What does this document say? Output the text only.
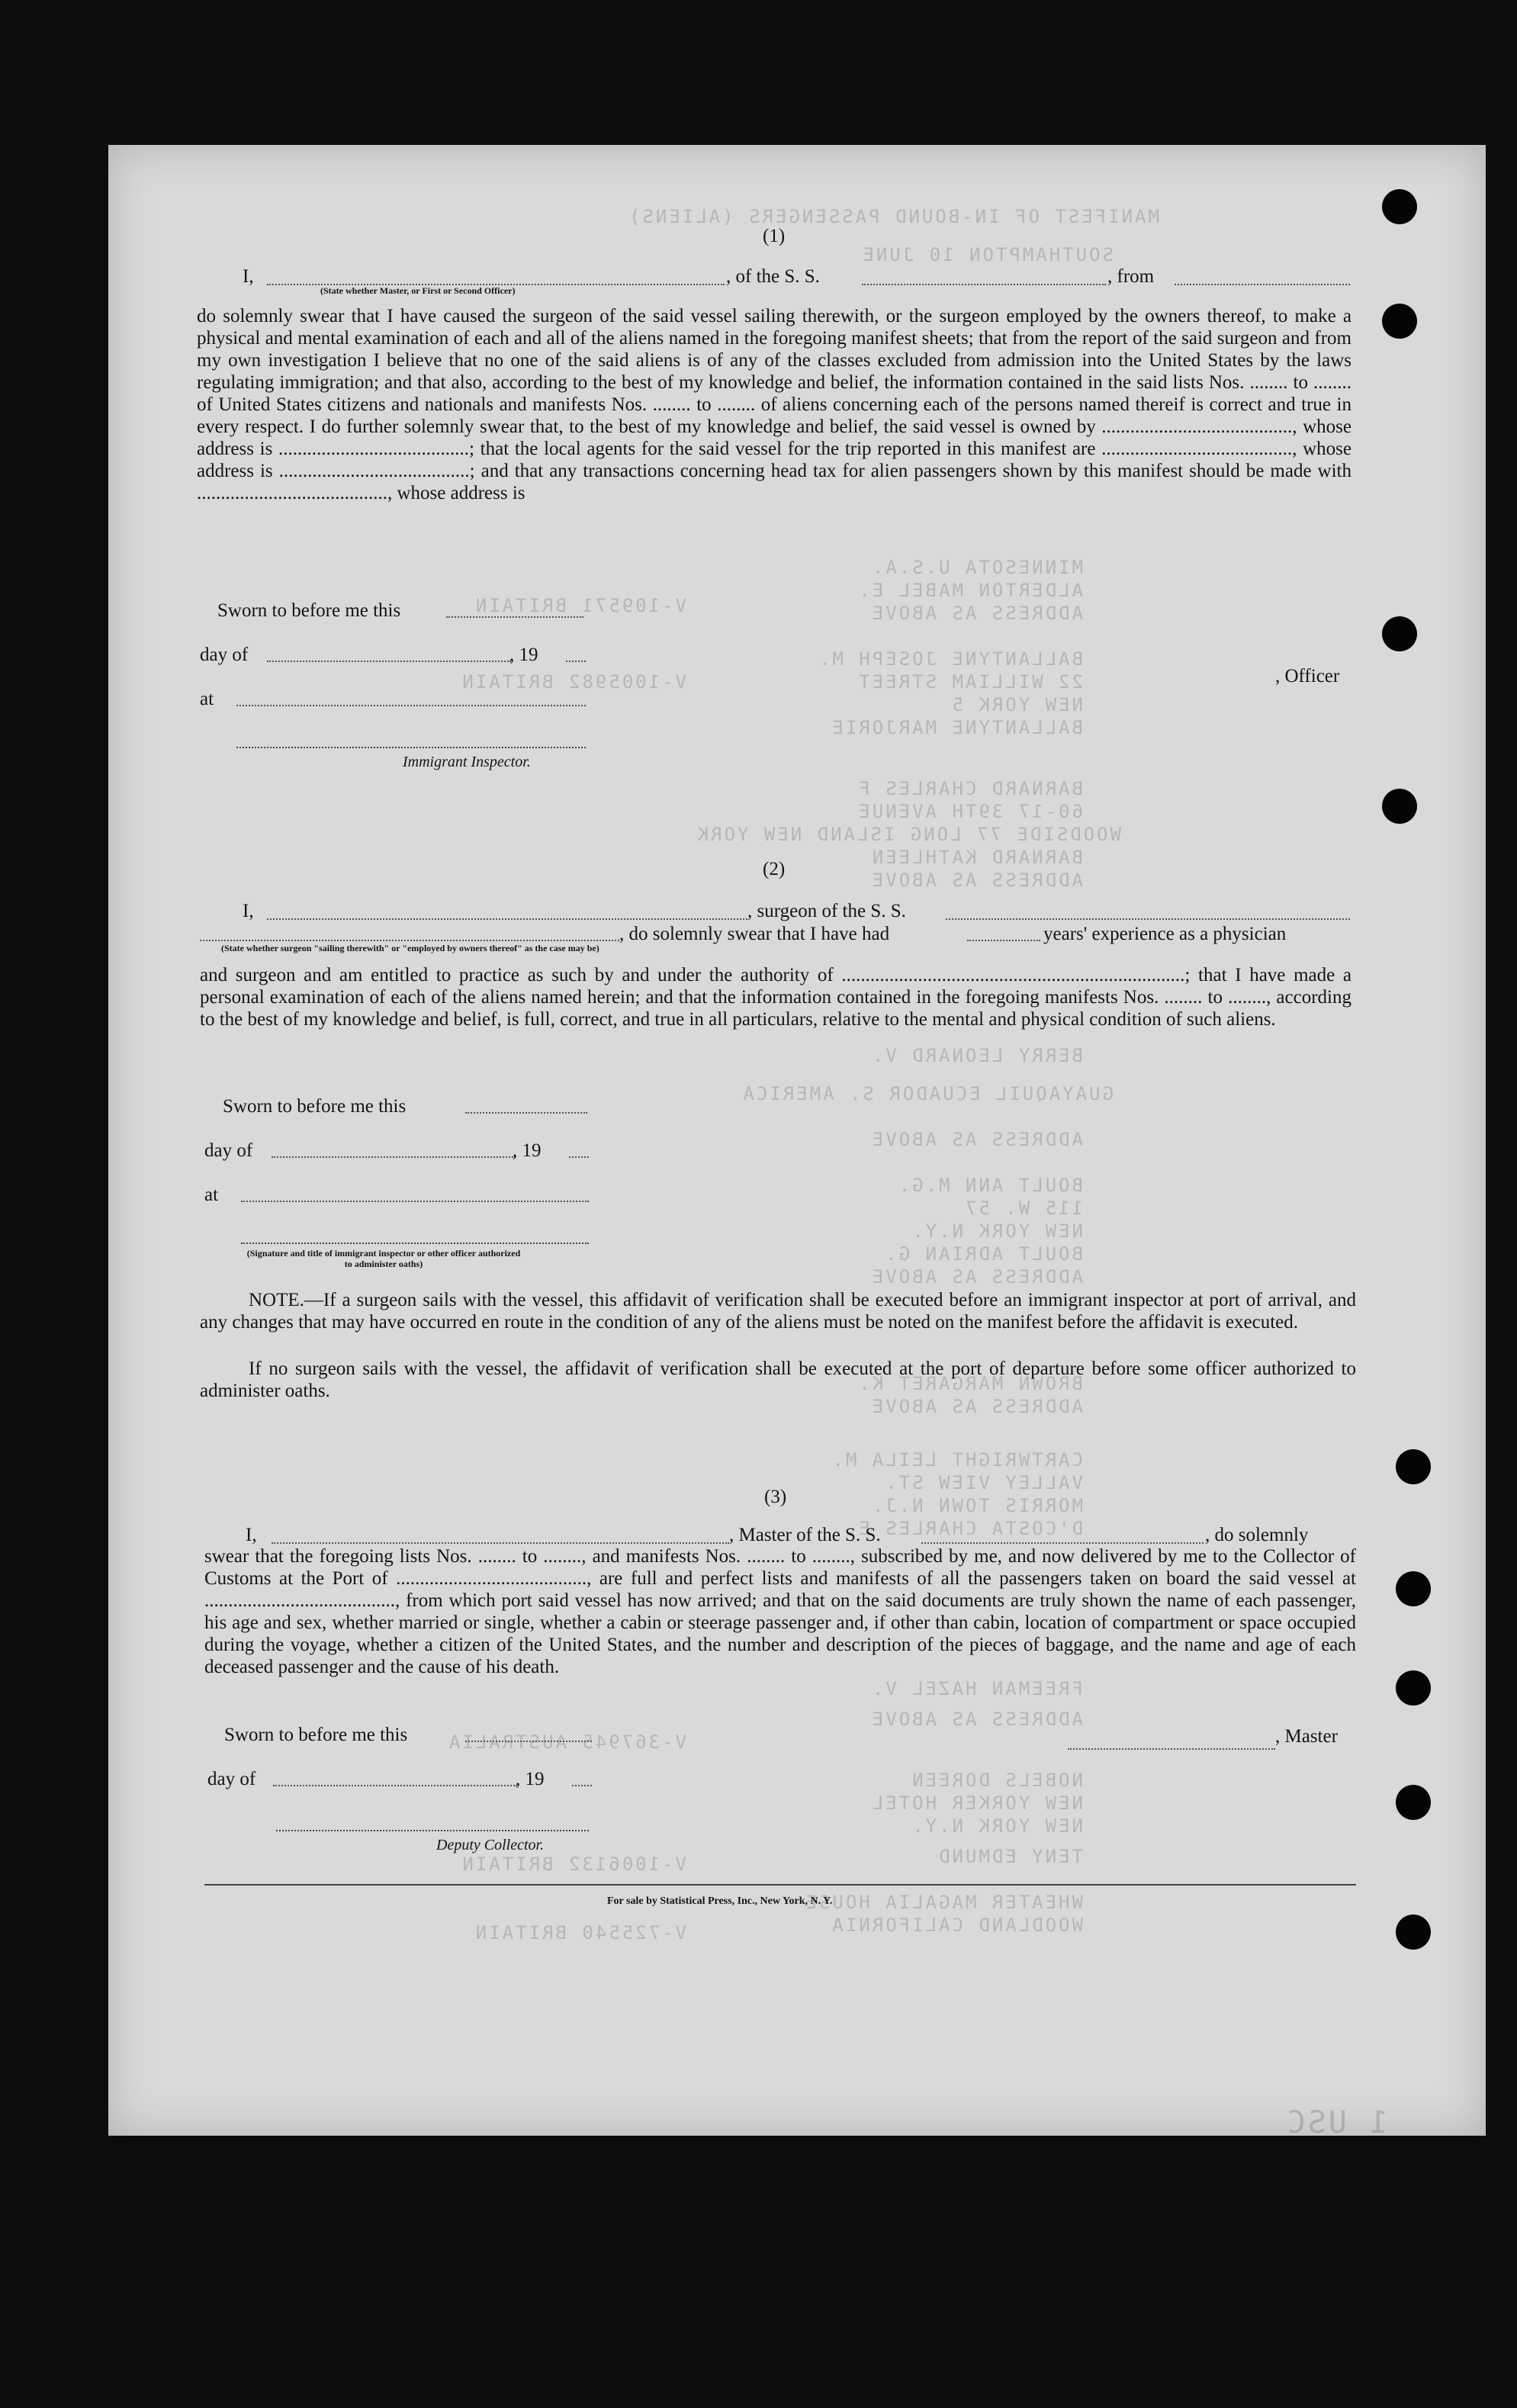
MANIFEST OF IN-BOUND PASSENGERS (ALIENS)
SOUTHAMPTON 10 JUNE
MINNESOTA U.S.A.
ALDERTON MABEL E.
ADDRESS AS ABOVE
V-109571 BRITAIN
BALLANTYNE JOSEPH M.
22 WILLIAM STREET
NEW YORK 5
BALLANTYNE MARJORIE
V-1005982 BRITAIN
BARNARD CHARLES F
60-17 39TH AVENUE
WOODSIDE 77 LONG ISLAND NEW YORK
BARNARD KATHLEEN
ADDRESS AS ABOVE
BERRY LEONARD V.
GUAYAQUIL ECUADOR S. AMERICA
ADDRESS AS ABOVE
BOULT ANN M.G.
115 W. 57
NEW YORK N.Y.
BOULT ADRIAN G.
ADDRESS AS ABOVE
BROWN MARGARET K.
ADDRESS AS ABOVE
CARTWRIGHT LEILA M.
VALLEY VIEW ST.
MORRIS TOWN N.J.
D'COSTA CHARLES E.
FREEMAN HAZEL V.
ADDRESS AS ABOVE
NOBELS DOREEN
NEW YORKER HOTEL
NEW YORK N.Y.
TENY EDMUND
WHEATER MAGALIA HOUSE
WOODLAND CALIFORNIA
V-367945 AUSTRALIA
V-1006132 BRITAIN
V-725540 BRITAIN
1 USC
(1)
I,	, of the S. S.	, from
(State whether Master, or First or Second Officer)
do solemnly swear that I have caused the surgeon of the said vessel sailing therewith, or the surgeon employed by the owners thereof, to make a physical and mental examination of each and all of the aliens named in the foregoing manifest sheets; that from the report of the said surgeon and from my own investigation I believe that no one of the said aliens is of any of the classes excluded from admission into the United States by the laws regulating immigration; and that also, according to the best of my knowledge and belief, the information contained in the said lists Nos. ........ to ........ of United States citizens and nationals and manifests Nos. ........ to ........ of aliens concerning each of the persons named thereif is correct and true in every respect. I do further solemnly swear that, to the best of my knowledge and belief, the said vessel is owned by ........................................, whose address is ........................................; that the local agents for the said vessel for the trip reported in this manifest are ........................................, whose address is ........................................; and that any transactions concerning head tax for alien passengers shown by this manifest should be made with ........................................, whose address is
Sworn to before me this
day of	, 19
at
, Officer
Immigrant Inspector.
(2)
I,	, surgeon of the S. S.
, do solemnly swear that I have had	years' experience as a physician
(State whether surgeon "sailing therewith" or "employed by owners thereof" as the case may be)
and surgeon and am entitled to practice as such by and under the authority of ........................................................................; that I have made a personal examination of each of the aliens named herein; and that the information contained in the foregoing manifests Nos. ........ to ........, according to the best of my knowledge and belief, is full, correct, and true in all particulars, relative to the mental and physical condition of such aliens.
Sworn to before me this
day of	, 19
at
(Signature and title of immigrant inspector or other officer authorized to administer oaths)
NOTE.—If a surgeon sails with the vessel, this affidavit of verification shall be executed before an immigrant inspector at port of arrival, and any changes that may have occurred en route in the condition of any of the aliens must be noted on the manifest before the affidavit is executed.
If no surgeon sails with the vessel, the affidavit of verification shall be executed at the port of departure before some officer authorized to administer oaths.
(3)
I,	, Master of the S. S.	, do solemnly
swear that the foregoing lists Nos. ........ to ........, and manifests Nos. ........ to ........, subscribed by me, and now delivered by me to the Collector of Customs at the Port of ........................................, are full and perfect lists and manifests of all the passengers taken on board the said vessel at ........................................, from which port said vessel has now arrived; and that on the said documents are truly shown the name of each passenger, his age and sex, whether married or single, whether a cabin or steerage passenger and, if other than cabin, location of compartment or space occupied during the voyage, whether a citizen of the United States, and the number and description of the pieces of baggage, and the name and age of each deceased passenger and the cause of his death.
Sworn to before me this
day of	, 19
, Master
Deputy Collector.
For sale by Statistical Press, Inc., New York, N. Y.
